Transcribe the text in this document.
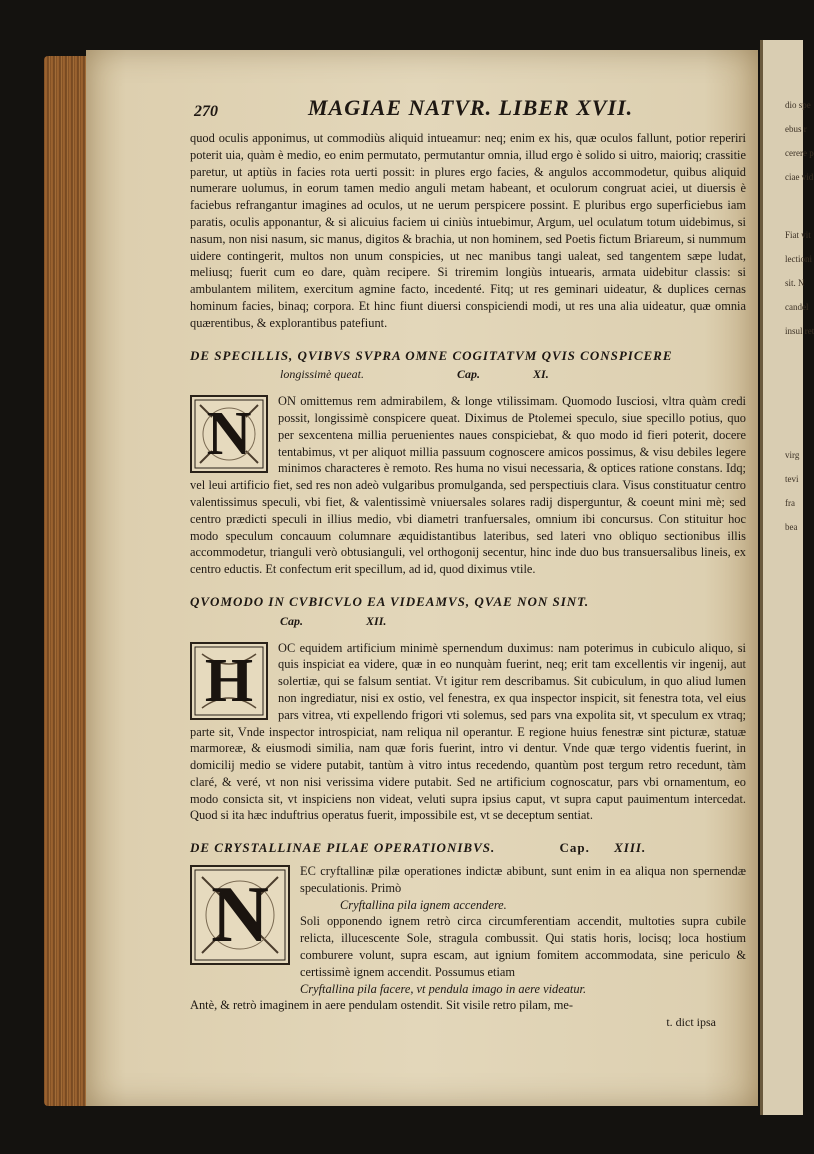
dio spe
ebus r
cerere p
ciae vid
Fiat vit
lectioni
sit. N
candel
insul ret
virg
tevi
fra
bea
270	MAGIAE NATVR. LIBER XVII.

quod oculis apponimus, ut commodiùs aliquid intueamur: neq; enim ex his, quæ oculos fallunt, potior reperiri poterit uia, quàm è medio, eo enim permutato, permutantur omnia, illud ergo è solido si uitro, maioriq; crassitie paretur, ut aptiùs in facies rota uerti possit: in plures ergo facies, & angulos accommodetur, quibus aliquid numerare uolumus, in eorum tamen medio anguli metam habeant, et oculorum congruat aciei, ut diuersis è faciebus refrangantur imagines ad oculos, ut ne uerum perspicere possint. E pluribus ergo superficiebus iam paratis, oculis apponantur, & si alicuius faciem ui ciniùs intuebimur, Argum, uel oculatum totum uidebimus, si nasum, non nisi nasum, sic manus, digitos & brachia, ut non hominem, sed Poetis fictum Briareum, si nummum uidere contingerit, multos non unum conspicies, ut nec manibus tangi ualeat, sed tangentem sæpe ludat, meliusq; fuerit cum eo dare, quàm recipere. Si triremim longiùs intuearis, armata uidebitur classis: si ambulantem militem, exercitum agmine facto, incedenté. Fitq; ut res geminari uideatur, & duplices cernas hominum facies, binaq; corpora. Et hinc fiunt diuersi conspiciendi modi, ut res una alia uideatur, quæ omnia quærentibus, & explorantibus patefiunt.

DE SPECILLIS, QVIBVS SVPRA OMNE COGITATVM QVIS CONSPICERE
longissimè queat.	Cap.	XI.
N	ON omittemus rem admirabilem, & longe vtilissimam. Quomodo Iusciosi, vltra quàm credi possit, longissimè conspicere queat. Diximus de Ptolemei speculo, siue specillo potius, quo per sexcentena millia peruenientes naues conspiciebat, & quo modo id fieri poterit, docere tentabimus, vt per aliquot millia passuum cognoscere amicos possimus, & visu debiles legere minimos characteres è remoto. Res huma no visui necessaria, & optices ratione constans. Idq; vel leui artificio fiet, sed res non adeò vulgaribus promulganda, sed perspectiuis clara. Visus constituatur centro valentissimus speculi, vbi fiet, & valentissimè vniuersales solares radij disperguntur, & coeunt mini mè; sed centro prædicti speculi in illius medio, vbi diametri tranfuersales, omnium ibi concursus. Con stituitur hoc modo speculum concauum columnare æquidistantibus lateribus, sed lateri vno obliquo sectionibus illis accommodetur, trianguli verò obtusianguli, vel orthogonij secentur, hinc inde duo bus transuersalibus lineis, ex centro eductis. Et confectum erit specillum, ad id, quod diximus vtile.

QVOMODO IN CVBICVLO EA VIDEAMVS, QVAE NON SINT.
Cap.	XII.
H	OC equidem artificium minimè spernendum duximus: nam poterimus in cubiculo aliquo, si quis inspiciat ea videre, quæ in eo nunquàm fuerint, neq; erit tam excellentis vir ingenij, aut solertiæ, qui se falsum sentiat. Vt igitur rem describamus. Sit cubiculum, in quo aliud lumen non ingrediatur, nisi ex ostio, vel fenestra, ex qua inspector inspicit, sit fenestra tota, vel eius pars vitrea, vti expellendo frigori vti solemus, sed pars vna expolita sit, vt speculum ex vtraq; parte sit, Vnde inspector introspiciat, nam reliqua nil operantur. E regione huius fenestræ sint picturæ, statuæ marmoreæ, & eiusmodi similia, nam quæ foris fuerint, intro vi dentur. Vnde quæ tergo videntis fuerint, in domicilij medio se videre putabit, tantùm à vitro intus recedendo, quantùm post tergum retro recedunt, tàm claré, & veré, vt non nisi verissima videre putabit. Sed ne artificium cognoscatur, pars vbi ornamentum, eo modo consicta sit, vt inspiciens non videat, veluti supra ipsius caput, vt supra caput pauimentum intercedat. Quod si ita hæc induftrius operatus fuerit, impossibile est, vt se deceptum sentiat.

DE CRYSTALLINAE PILAE OPERATIONIBVS.	Cap. XIII.
N	EC cryftallinæ pilæ operationes indictæ abibunt, sunt enim in ea aliqua non spernendæ speculationis. Primò

Cryftallina pila ignem accendere.

Soli opponendo ignem retrò circa circumferentiam accendit, multoties supra cubile relicta, illucescente Sole, stragula combussit. Qui statis horis, locisq; loca hostium comburere volunt, supra escam, aut ignium fomitem accommodata, sine periculo & certissimè ignem accendit. Possumus etiam

Cryftallina pila facere, vt pendula imago in aere videatur.

Antè, & retrò imaginem in aere pendulam ostendit. Sit visile retro pilam, me-

t. dict ipsa
